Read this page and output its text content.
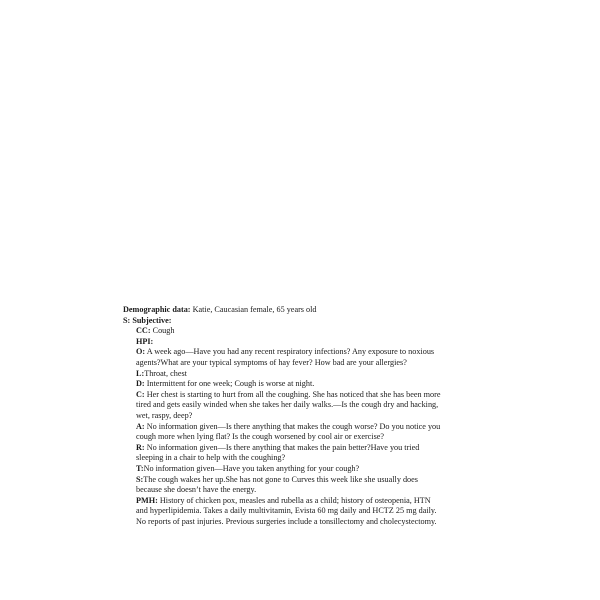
Demographic data: Katie, Caucasian female, 65 years old
S: Subjective:
CC: Cough
HPI:
O: A week ago—Have you had any recent respiratory infections? Any exposure to noxious
agents?What are your typical symptoms of hay fever? How bad are your allergies?
L:Throat, chest
D: Intermittent for one week; Cough is worse at night.
C: Her chest is starting to hurt from all the coughing. She has noticed that she has been more
tired and gets easily winded when she takes her daily walks.—Is the cough dry and hacking,
wet, raspy, deep?
A: No information given—Is there anything that makes the cough worse? Do you notice you
cough more when lying flat? Is the cough worsened by cool air or exercise?
R: No information given—Is there anything that makes the pain better?Have you tried
sleeping in a chair to help with the coughing?
T:No information given—Have you taken anything for your cough?
S:The cough wakes her up.She has not gone to Curves this week like she usually does
because she doesn’t have the energy.
PMH: History of chicken pox, measles and rubella as a child; history of osteopenia, HTN
and hyperlipidemia. Takes a daily multivitamin, Evista 60 mg daily and HCTZ 25 mg daily.
No reports of past injuries. Previous surgeries include a tonsillectomy and cholecystectomy.
